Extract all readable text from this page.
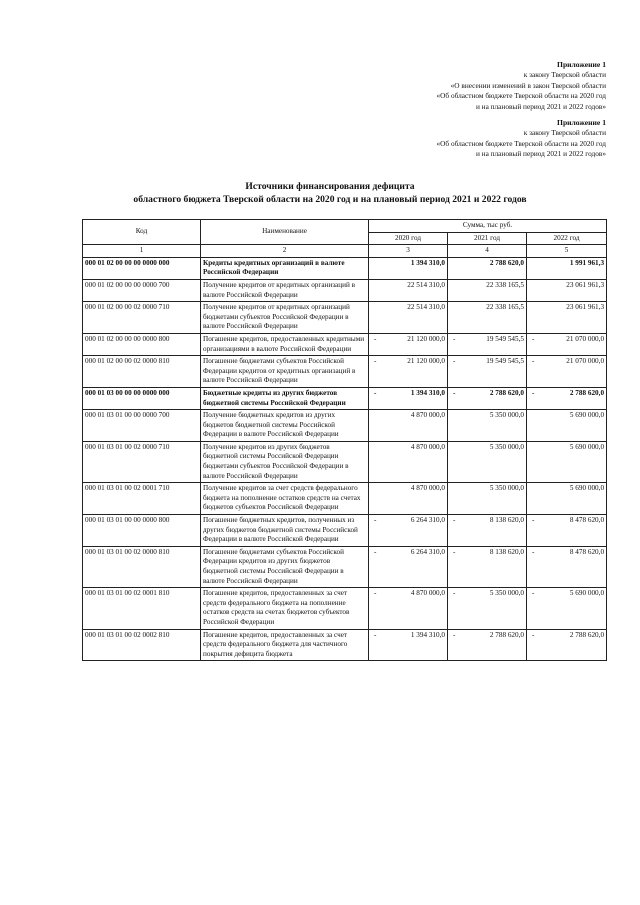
Приложение 1
к закону Тверской области
«О внесении изменений в закон Тверской области
«Об областном бюджете Тверской области на 2020 год
и на плановый период 2021 и 2022 годов»
Приложение 1
к закону Тверской области
«Об областном бюджете Тверской области на 2020 год
и на плановый период 2021 и 2022 годов»
Источники финансирования дефицита
областного бюджета Тверской области на 2020 год и на плановый период 2021 и 2022 годов
Код	Наименование	Сумма, тыс руб.		
		2020 год	2021 год	2022 год
1	2	3	4	5
000 01 02 00 00 00 0000 000	Кредиты кредитных организаций в валюте Российской Федерации	1 394 310,0	2 788 620,0	1 991 961,3
000 01 02 00 00 00 0000 700	Получение кредитов от кредитных организаций в валюте Российской Федерации	22 514 310,0	22 338 165,5	23 061 961,3
000 01 02 00 00 02 0000 710	Получение кредитов от кредитных организаций бюджетами субъектов Российской Федерации в валюте Российской Федерации	22 514 310,0	22 338 165,5	23 061 961,3
000 01 02 00 00 00 0000 800	Погашение кредитов, предоставленных кредитными организациями в валюте Российской Федерации	- 21 120 000,0	- 19 549 545,5	- 21 070 000,0
000 01 02 00 00 02 0000 810	Погашение бюджетами субъектов Российской Федерации кредитов от кредитных организаций в валюте Российской Федерации	- 21 120 000,0	- 19 549 545,5	- 21 070 000,0
000 01 03 00 00 00 0000 000	Бюджетные кредиты из других бюджетов бюджетной системы Российской Федерации	- 1 394 310,0	- 2 788 620,0	- 2 788 620,0
000 01 03 01 00 00 0000 700	Получение бюджетных кредитов из других бюджетов бюджетной системы Российской Федерации в валюте Российской Федерации	4 870 000,0	5 350 000,0	5 690 000,0
000 01 03 01 00 02 0000 710	Получение кредитов из других бюджетов бюджетной системы Российской Федерации бюджетами субъектов Российской Федерации в валюте Российской Федерации	4 870 000,0	5 350 000,0	5 690 000,0
000 01 03 01 00 02 0001 710	Получение кредитов за счет средств федерального бюджета на пополнение остатков средств на счетах бюджетов субъектов Российской Федерации	4 870 000,0	5 350 000,0	5 690 000,0
000 01 03 01 00 00 0000 800	Погашение бюджетных кредитов, полученных из других бюджетов бюджетной системы Российской Федерации в валюте Российской Федерации	- 6 264 310,0	- 8 138 620,0	- 8 478 620,0
000 01 03 01 00 02 0000 810	Погашение бюджетами субъектов Российской Федерации кредитов из других бюджетов бюджетной системы Российской Федерации в валюте Российской Федерации	- 6 264 310,0	- 8 138 620,0	- 8 478 620,0
000 01 03 01 00 02 0001 810	Погашение кредитов, предоставленных за счет средств федерального бюджета на пополнение остатков средств на счетах бюджетов субъектов Российской Федерации	- 4 870 000,0	- 5 350 000,0	- 5 690 000,0
000 01 03 01 00 02 0002 810	Погашение кредитов, предоставленных за счет средств федерального бюджета для частичного покрытия дефицита бюджета	- 1 394 310,0	- 2 788 620,0	- 2 788 620,0
